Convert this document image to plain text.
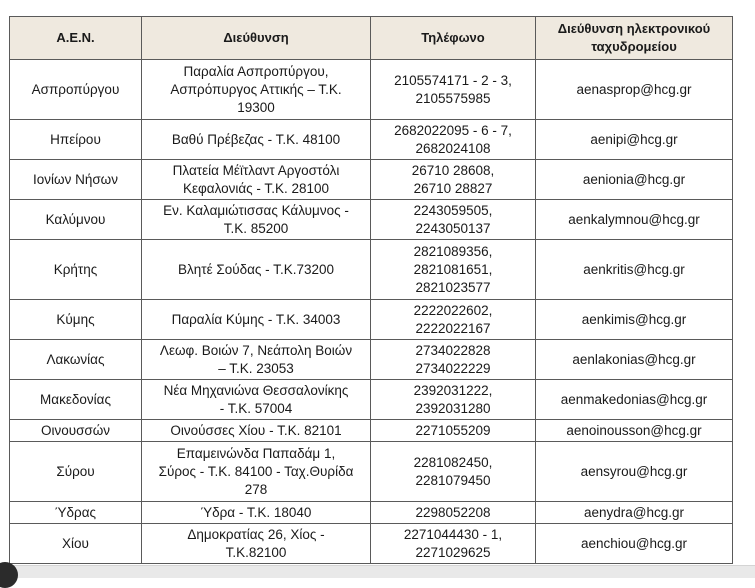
Α.Ε.Ν.	Διεύθυνση	Τηλέφωνο	Διεύθυνση ηλεκτρονικού
ταχυδρομείου

Ασπροπύργου	Παραλία Ασπροπύργου,
Ασπρόπυργος Αττικής – Τ.Κ.
19300	2105574171 - 2 - 3,
2105575985	aenasprop@hcg.gr
Ηπείρου	Βαθύ Πρέβεζας - Τ.Κ. 48100	2682022095 - 6 - 7,
2682024108	aenipi@hcg.gr
Ιονίων Νήσων	Πλατεία Μέϊτλαντ Αργοστόλι
Κεφαλονιάς - Τ.Κ. 28100	26710 28608,
26710 28827	aenionia@hcg.gr
Καλύμνου	Εν. Καλαμιώτισσας Κάλυμνος -
Τ.Κ. 85200	2243059505,
2243050137	aenkalymnou@hcg.gr
Κρήτης	Βλητέ Σούδας - Τ.Κ.73200	2821089356,
2821081651,
2821023577	aenkritis@hcg.gr
Κύμης	Παραλία Κύμης - Τ.Κ. 34003	2222022602,
2222022167	aenkimis@hcg.gr
Λακωνίας	Λεωφ. Βοιών 7, Νεάπολη Βοιών
– Τ.Κ. 23053	2734022828
2734022229	aenlakonias@hcg.gr
Μακεδονίας	Νέα Μηχανιώνα Θεσσαλονίκης
- Τ.Κ. 57004	2392031222,
2392031280	aenmakedonias@hcg.gr
Οινουσσών	Οινούσσες Χίου - Τ.Κ. 82101	2271055209	aenoinousson@hcg.gr
Σύρου	Επαμεινώνδα Παπαδάμ 1,
Σύρος - Τ.Κ. 84100 - Ταχ.Θυρίδα
278	2281082450,
2281079450	aensyrou@hcg.gr
Ύδρας	Ύδρα - Τ.Κ. 18040	2298052208	aenydra@hcg.gr
Χίου	Δημοκρατίας 26, Χίος -
Τ.Κ.82100	2271044430 - 1,
2271029625	aenchiou@hcg.gr
